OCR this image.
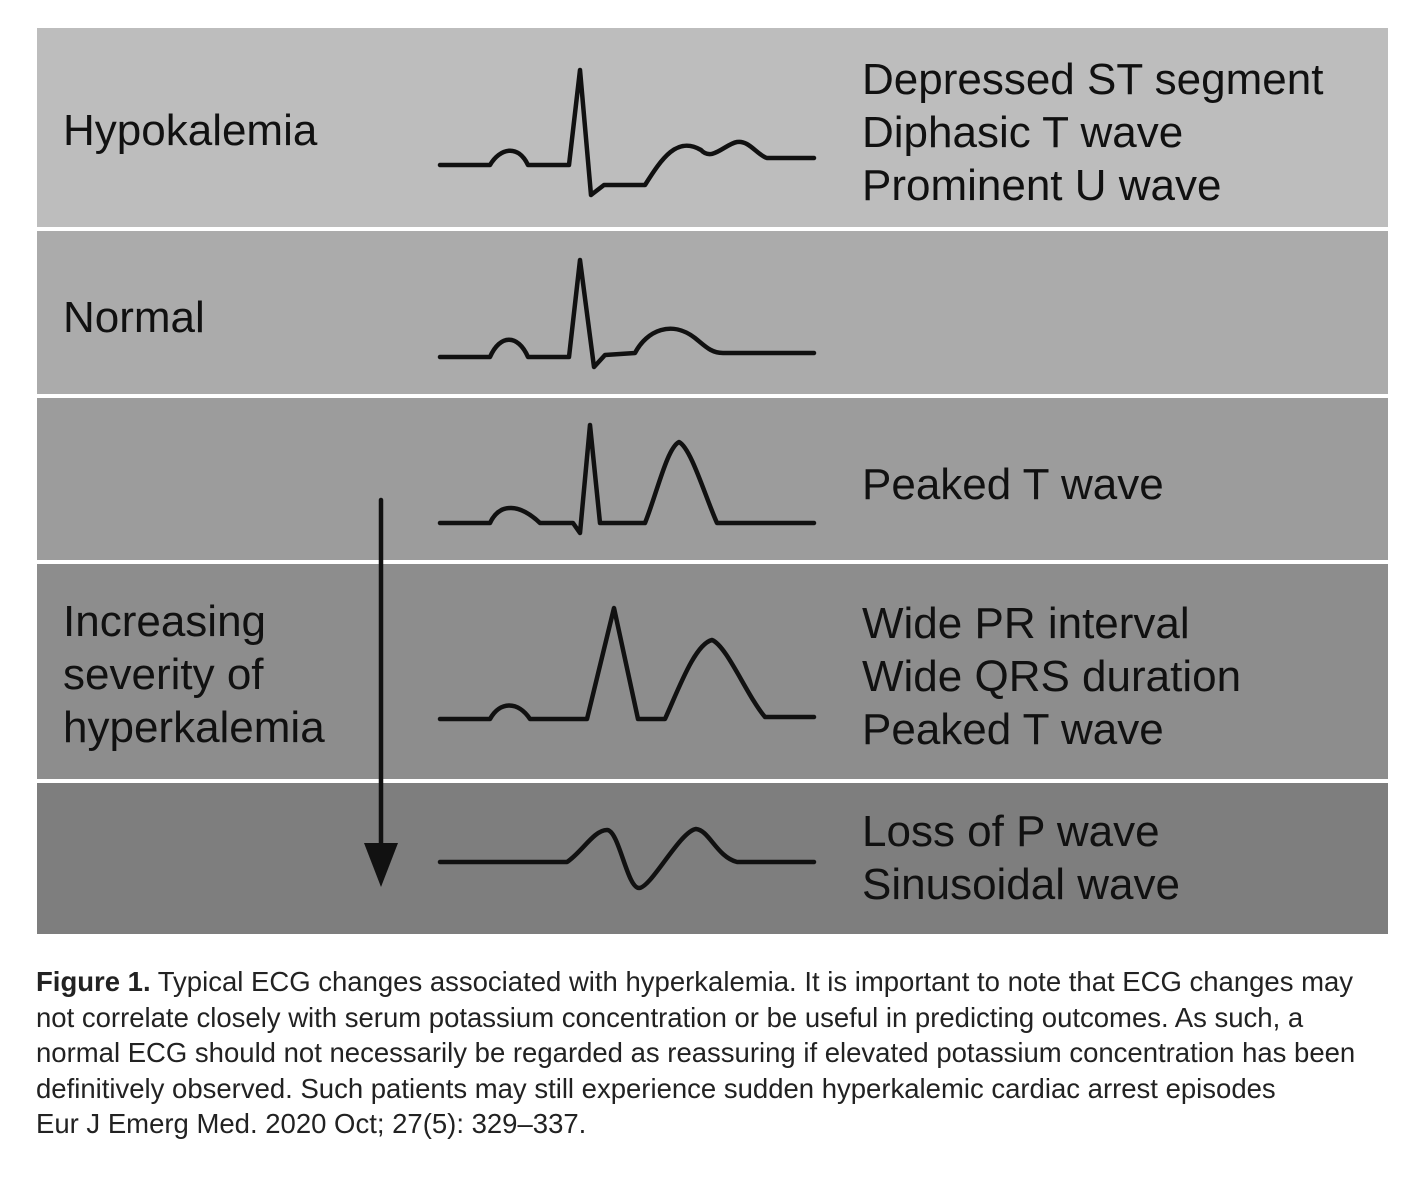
Hypokalemia
Depressed ST segment
Diphasic T wave
Prominent U wave
Normal
Peaked T wave
Increasing
severity of
hyperkalemia
Wide PR interval
Wide QRS duration
Peaked T wave
Loss of P wave
Sinusoidal wave
Figure 1. Typical ECG changes associated with hyperkalemia. It is important to note that ECG changes may not correlate closely with serum potassium concentration or be useful in predicting outcomes. As such, a normal ECG should not necessarily be regarded as reassuring if elevated potassium concentration has been definitively observed. Such patients may still experience sudden hyperkalemic cardiac arrest episodes
Eur J Emerg Med. 2020 Oct; 27(5): 329–337.
